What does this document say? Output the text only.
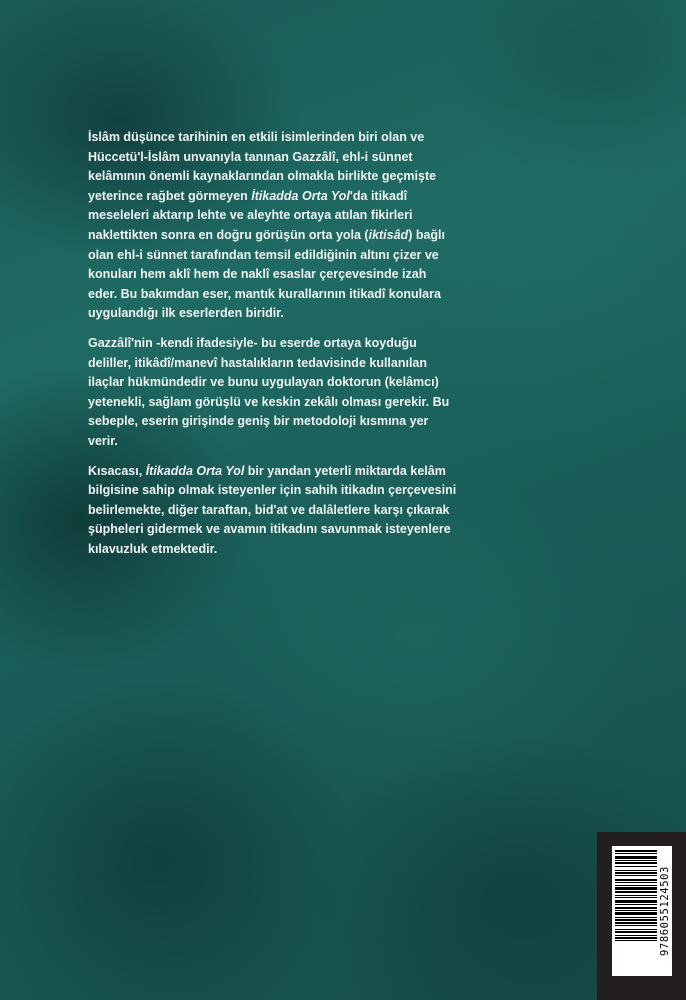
İslâm düşünce tarihinin en etkili isimlerinden biri olan ve Hüccetü'l-İslâm unvanıyla tanınan Gazzâlî, ehl-i sünnet kelâmının önemli kaynaklarından olmakla birlikte geçmişte yeterince rağbet görmeyen İtikadda Orta Yol'da itikadî meseleleri aktarıp lehte ve aleyhte ortaya atılan fikirleri naklettikten sonra en doğru görüşün orta yola (iktisâd) bağlı olan ehl-i sünnet tarafından temsil edildiğinin altını çizer ve konuları hem aklî hem de naklî esaslar çerçevesinde izah eder. Bu bakımdan eser, mantık kurallarının itikadî konulara uygulandığı ilk eserlerden biridir.

Gazzâlî'nin -kendi ifadesiyle- bu eserde ortaya koyduğu deliller, itikâdî/manevî hastalıkların tedavisinde kullanılan ilaçlar hükmündedir ve bunu uygulayan doktorun (kelâmcı) yetenekli, sağlam görüşlü ve keskin zekâlı olması gerekir. Bu sebeple, eserin girişinde geniş bir metodoloji kısmına yer verir.

Kısacası, İtikadda Orta Yol bir yandan yeterli miktarda kelâm bilgisine sahip olmak isteyenler için sahih itikadın çerçevesini belirlemekte, diğer taraftan, bid'at ve dalâletlere karşı çıkarak şüpheleri gidermek ve avamın itikadını savunmak isteyenlere kılavuzluk etmektedir.

9786055124503
